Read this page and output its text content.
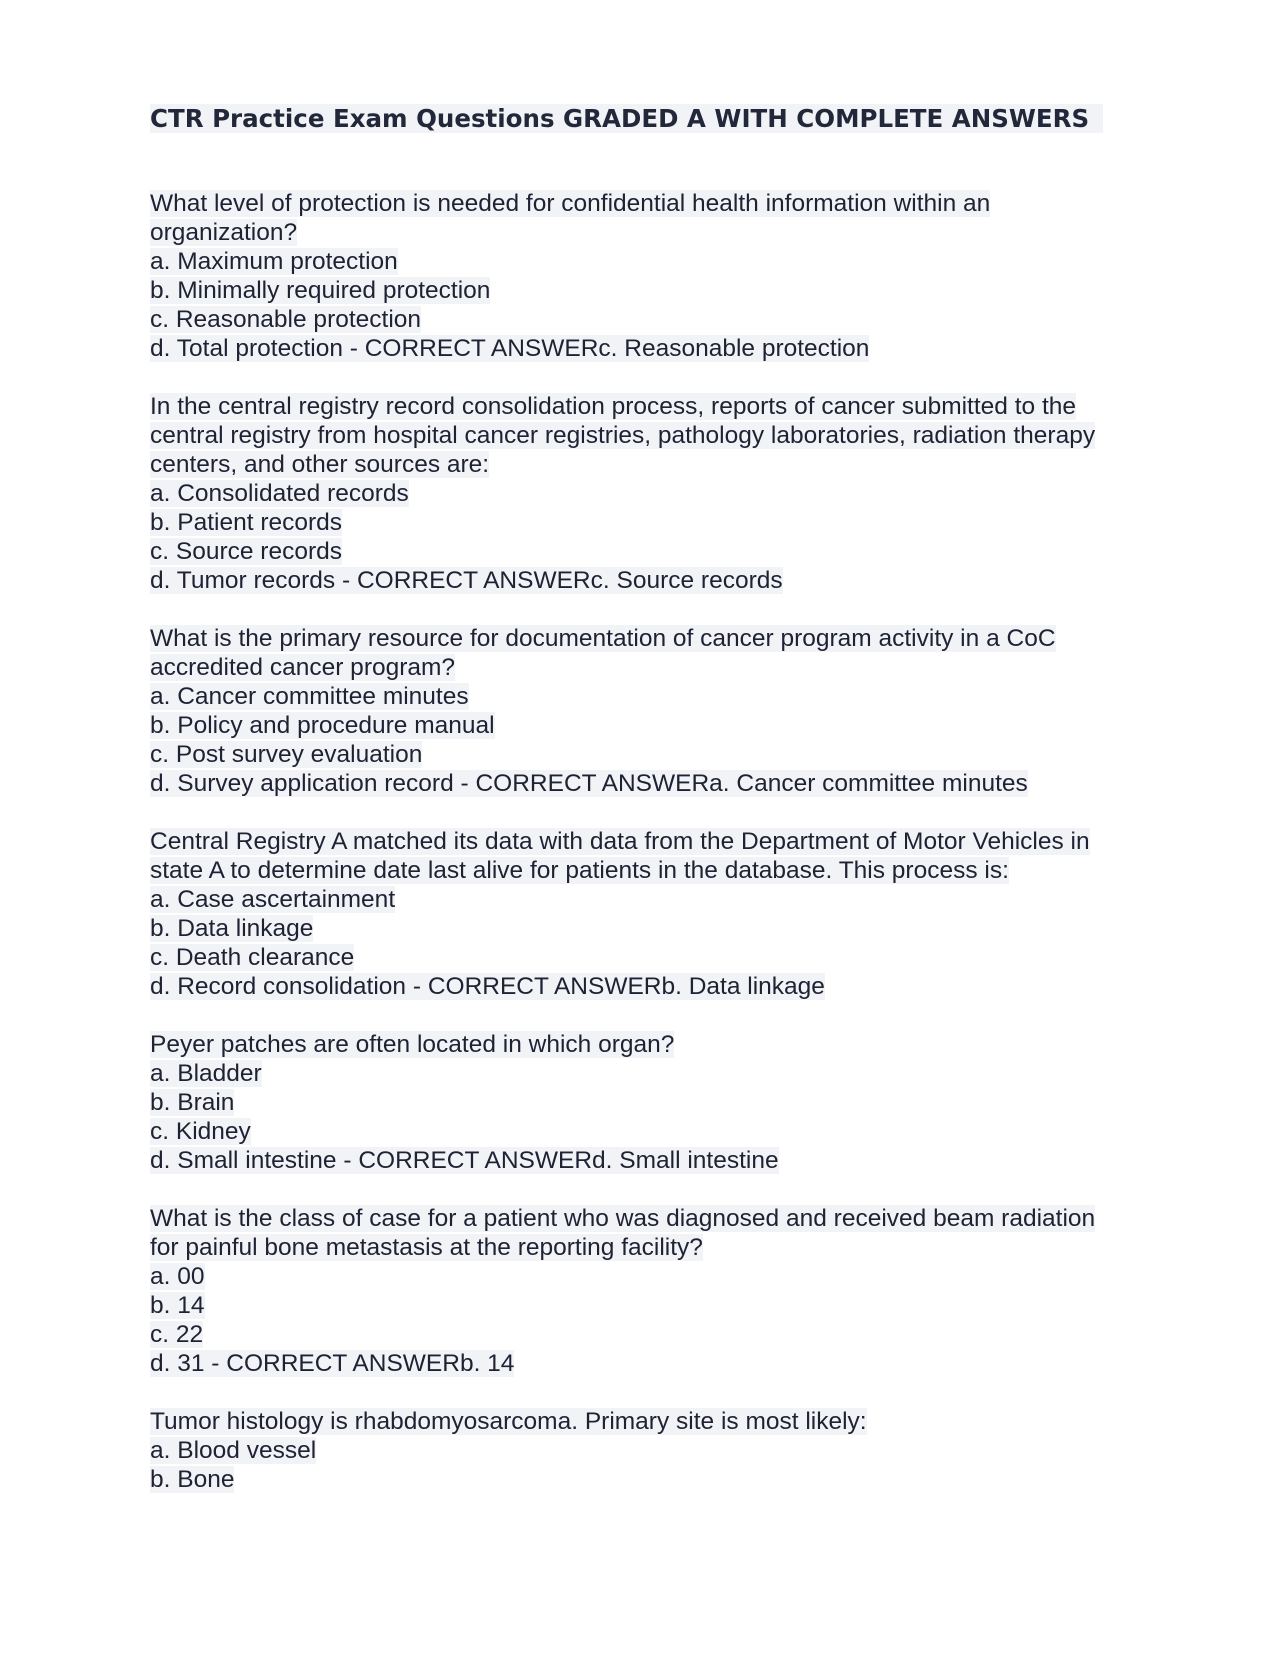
CTR Practice Exam Questions GRADED A WITH COMPLETE ANSWERS
What level of protection is needed for confidential health information within an
organization?
a. Maximum protection
b. Minimally required protection
c. Reasonable protection
d. Total protection - CORRECT ANSWERc. Reasonable protection
In the central registry record consolidation process, reports of cancer submitted to the
central registry from hospital cancer registries, pathology laboratories, radiation therapy
centers, and other sources are:
a. Consolidated records
b. Patient records
c. Source records
d. Tumor records - CORRECT ANSWERc. Source records
What is the primary resource for documentation of cancer program activity in a CoC
accredited cancer program?
a. Cancer committee minutes
b. Policy and procedure manual
c. Post survey evaluation
d. Survey application record - CORRECT ANSWERa. Cancer committee minutes
Central Registry A matched its data with data from the Department of Motor Vehicles in
state A to determine date last alive for patients in the database. This process is:
a. Case ascertainment
b. Data linkage
c. Death clearance
d. Record consolidation - CORRECT ANSWERb. Data linkage
Peyer patches are often located in which organ?
a. Bladder
b. Brain
c. Kidney
d. Small intestine - CORRECT ANSWERd. Small intestine
What is the class of case for a patient who was diagnosed and received beam radiation
for painful bone metastasis at the reporting facility?
a. 00
b. 14
c. 22
d. 31 - CORRECT ANSWERb. 14
Tumor histology is rhabdomyosarcoma. Primary site is most likely:
a. Blood vessel
b. Bone
